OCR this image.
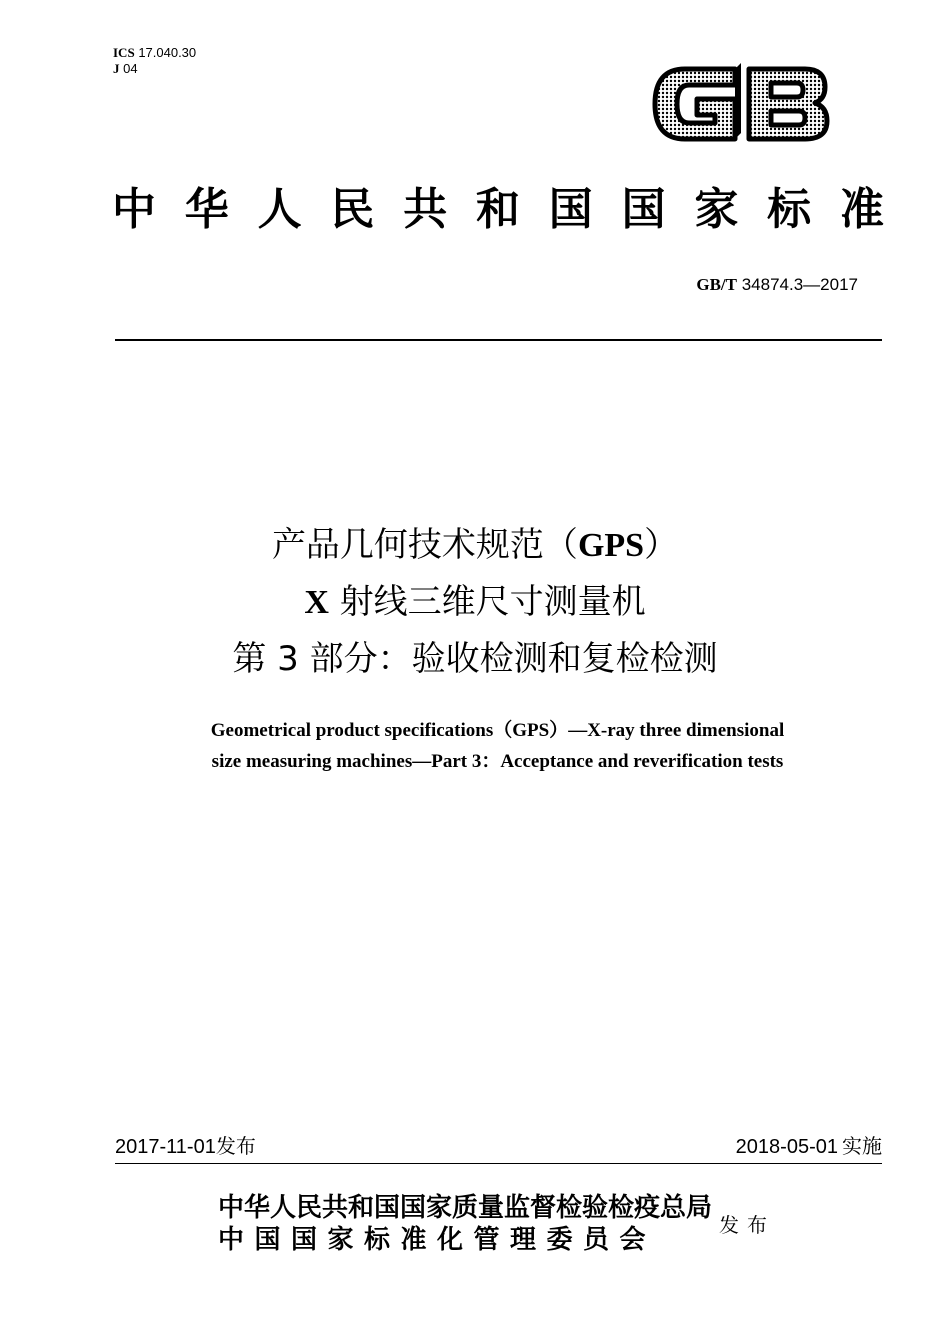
ICS 17.040.30
J 04
中 华 人 民 共 和 国 国 家 标 准
GB/T 34874.3—2017
产品几何技术规范（GPS）
X 射线三维尺寸测量机
第 3 部分：验收检测和复检检测
Geometrical product specifications（GPS）—X-ray three dimensional
size measuring machines—Part 3：Acceptance and reverification tests
2017-11-01发布	2018-05-01  实施
中华人民共和国国家质量监督检验检疫总局
中国国家标准化管理委员会	发布
